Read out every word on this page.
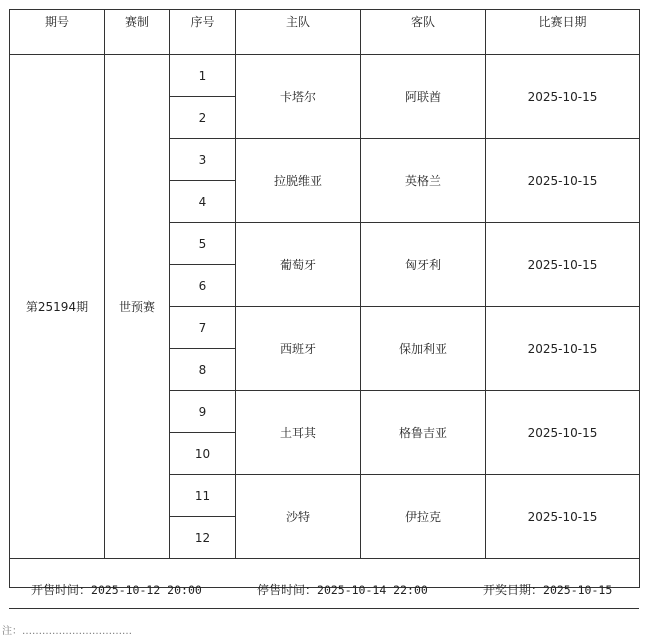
期号	赛制	序号	主队	客队	比赛日期
第25194期	世预赛	1	卡塔尔	阿联酋	2025-10-15
		2			
		3	拉脱维亚	英格兰	2025-10-15
		4			
		5	葡萄牙	匈牙利	2025-10-15
		6			
		7	西班牙	保加利亚	2025-10-15
		8			
		9	土耳其	格鲁吉亚	2025-10-15
		10			
		11	沙特	伊拉克	2025-10-15
		12			

开售时间：2025-10-12 20:00	停售时间：2025-10-14 22:00	开奖日期：2025-10-15
注：……………………………
